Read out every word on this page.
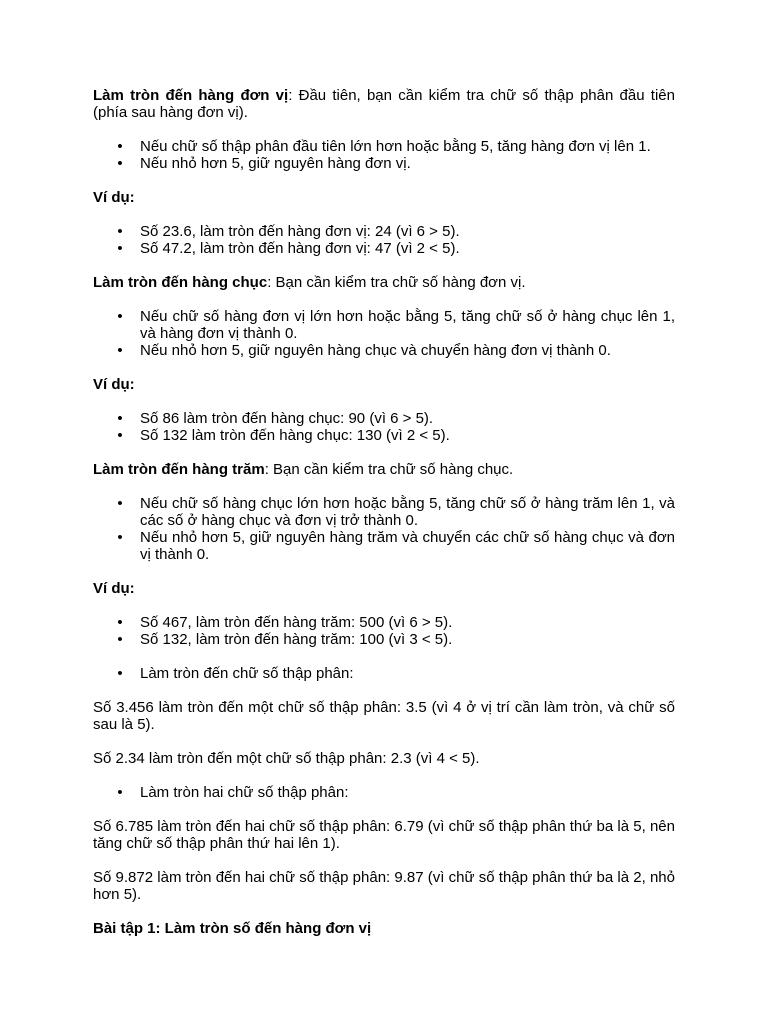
Làm tròn đến hàng đơn vị: Đầu tiên, bạn cần kiểm tra chữ số thập phân đầu tiên (phía sau hàng đơn vị).

• Nếu chữ số thập phân đầu tiên lớn hơn hoặc bằng 5, tăng hàng đơn vị lên 1.
• Nếu nhỏ hơn 5, giữ nguyên hàng đơn vị.

Ví dụ:

• Số 23.6, làm tròn đến hàng đơn vị: 24 (vì 6 > 5).
• Số 47.2, làm tròn đến hàng đơn vị: 47 (vì 2 < 5).

Làm tròn đến hàng chục: Bạn cần kiểm tra chữ số hàng đơn vị.

• Nếu chữ số hàng đơn vị lớn hơn hoặc bằng 5, tăng chữ số ở hàng chục lên 1, và hàng đơn vị thành 0.
• Nếu nhỏ hơn 5, giữ nguyên hàng chục và chuyển hàng đơn vị thành 0.

Ví dụ:

• Số 86 làm tròn đến hàng chục: 90 (vì 6 > 5).
• Số 132 làm tròn đến hàng chục: 130 (vì 2 < 5).

Làm tròn đến hàng trăm: Bạn cần kiểm tra chữ số hàng chục.

• Nếu chữ số hàng chục lớn hơn hoặc bằng 5, tăng chữ số ở hàng trăm lên 1, và các số ở hàng chục và đơn vị trở thành 0.
• Nếu nhỏ hơn 5, giữ nguyên hàng trăm và chuyển các chữ số hàng chục và đơn vị thành 0.

Ví dụ:

• Số 467, làm tròn đến hàng trăm: 500 (vì 6 > 5).
• Số 132, làm tròn đến hàng trăm: 100 (vì 3 < 5).
• Làm tròn đến chữ số thập phân:

Số 3.456 làm tròn đến một chữ số thập phân: 3.5 (vì 4 ở vị trí cần làm tròn, và chữ số sau là 5).

Số 2.34 làm tròn đến một chữ số thập phân: 2.3 (vì 4 < 5).

• Làm tròn hai chữ số thập phân:

Số 6.785 làm tròn đến hai chữ số thập phân: 6.79 (vì chữ số thập phân thứ ba là 5, nên tăng chữ số thập phân thứ hai lên 1).

Số 9.872 làm tròn đến hai chữ số thập phân: 9.87 (vì chữ số thập phân thứ ba là 2, nhỏ hơn 5).

Bài tập 1: Làm tròn số đến hàng đơn vị
